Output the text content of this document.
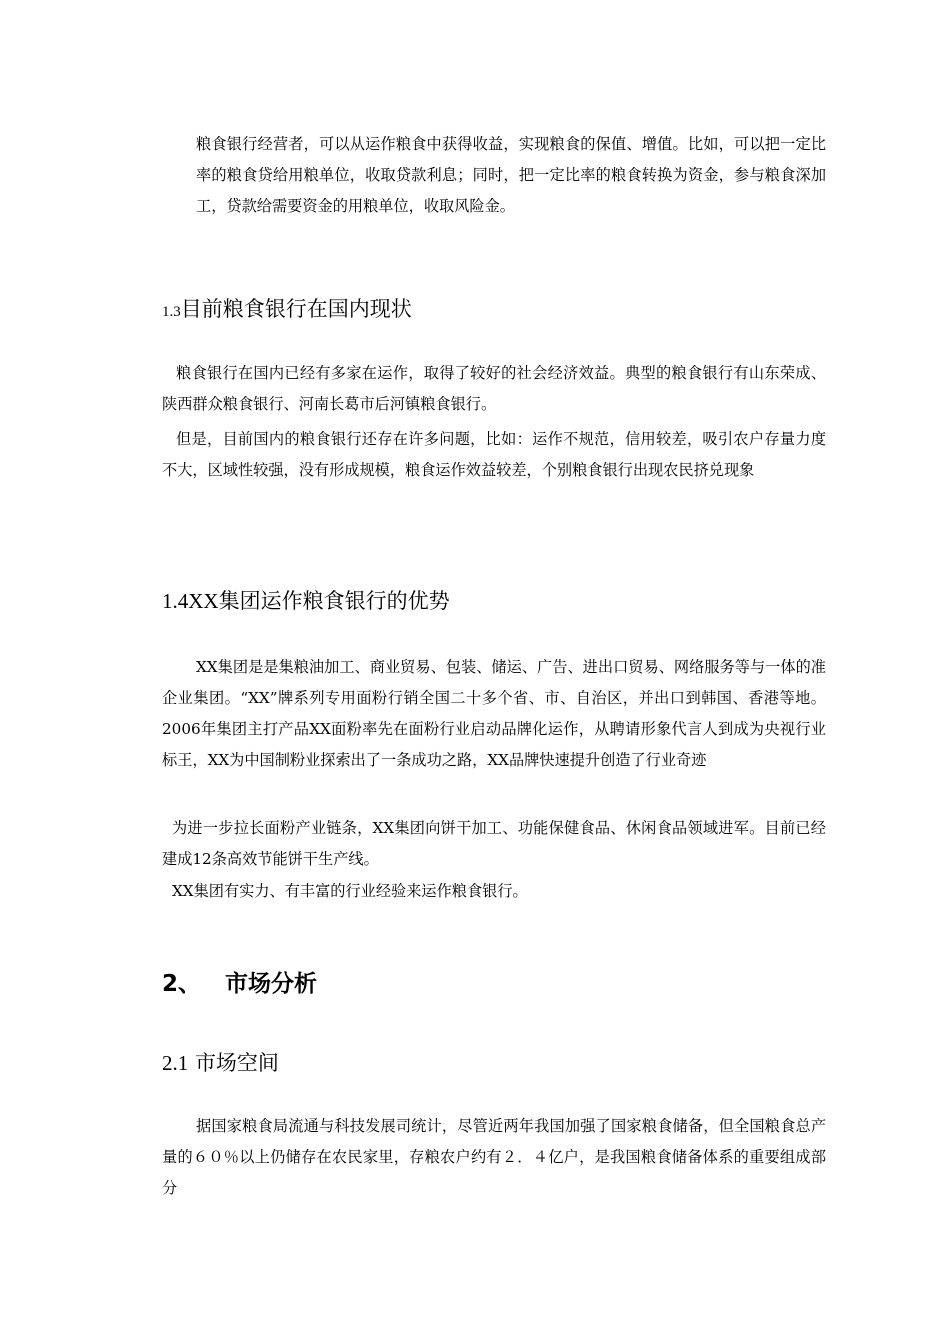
粮食银行经营者，可以从运作粮食中获得收益，实现粮食的保值、增值。比如，可以把一定比率的粮食贷给用粮单位，收取贷款利息；同时，把一定比率的粮食转换为资金，参与粮食深加工，贷款给需要资金的用粮单位，收取风险金。

1.3目前粮食银行在国内现状

粮食银行在国内已经有多家在运作，取得了较好的社会经济效益。典型的粮食银行有山东荣成、陕西群众粮食银行、河南长葛市后河镇粮食银行。

但是，目前国内的粮食银行还存在许多问题，比如：运作不规范，信用较差，吸引农户存量力度不大，区域性较强，没有形成规模，粮食运作效益较差，个别粮食银行出现农民挤兑现象

1.4XX集团运作粮食银行的优势

XX集团是是集粮油加工、商业贸易、包装、储运、广告、进出口贸易、网络服务等与一体的准企业集团。“XX”牌系列专用面粉行销全国二十多个省、市、自治区，并出口到韩国、香港等地。2006年集团主打产品XX面粉率先在面粉行业启动品牌化运作，从聘请形象代言人到成为央视行业标王，XX为中国制粉业探索出了一条成功之路，XX品牌快速提升创造了行业奇迹

为进一步拉长面粉产业链条，XX集团向饼干加工、功能保健食品、休闲食品领域进军。目前已经建成12条高效节能饼干生产线。

XX集团有实力、有丰富的行业经验来运作粮食银行。

2、 市场分析
2.1 市场空间

据国家粮食局流通与科技发展司统计，尽管近两年我国加强了国家粮食储备，但全国粮食总产量的６０％以上仍储存在农民家里，存粮农户约有２．４亿户，是我国粮食储备体系的重要组成部分
